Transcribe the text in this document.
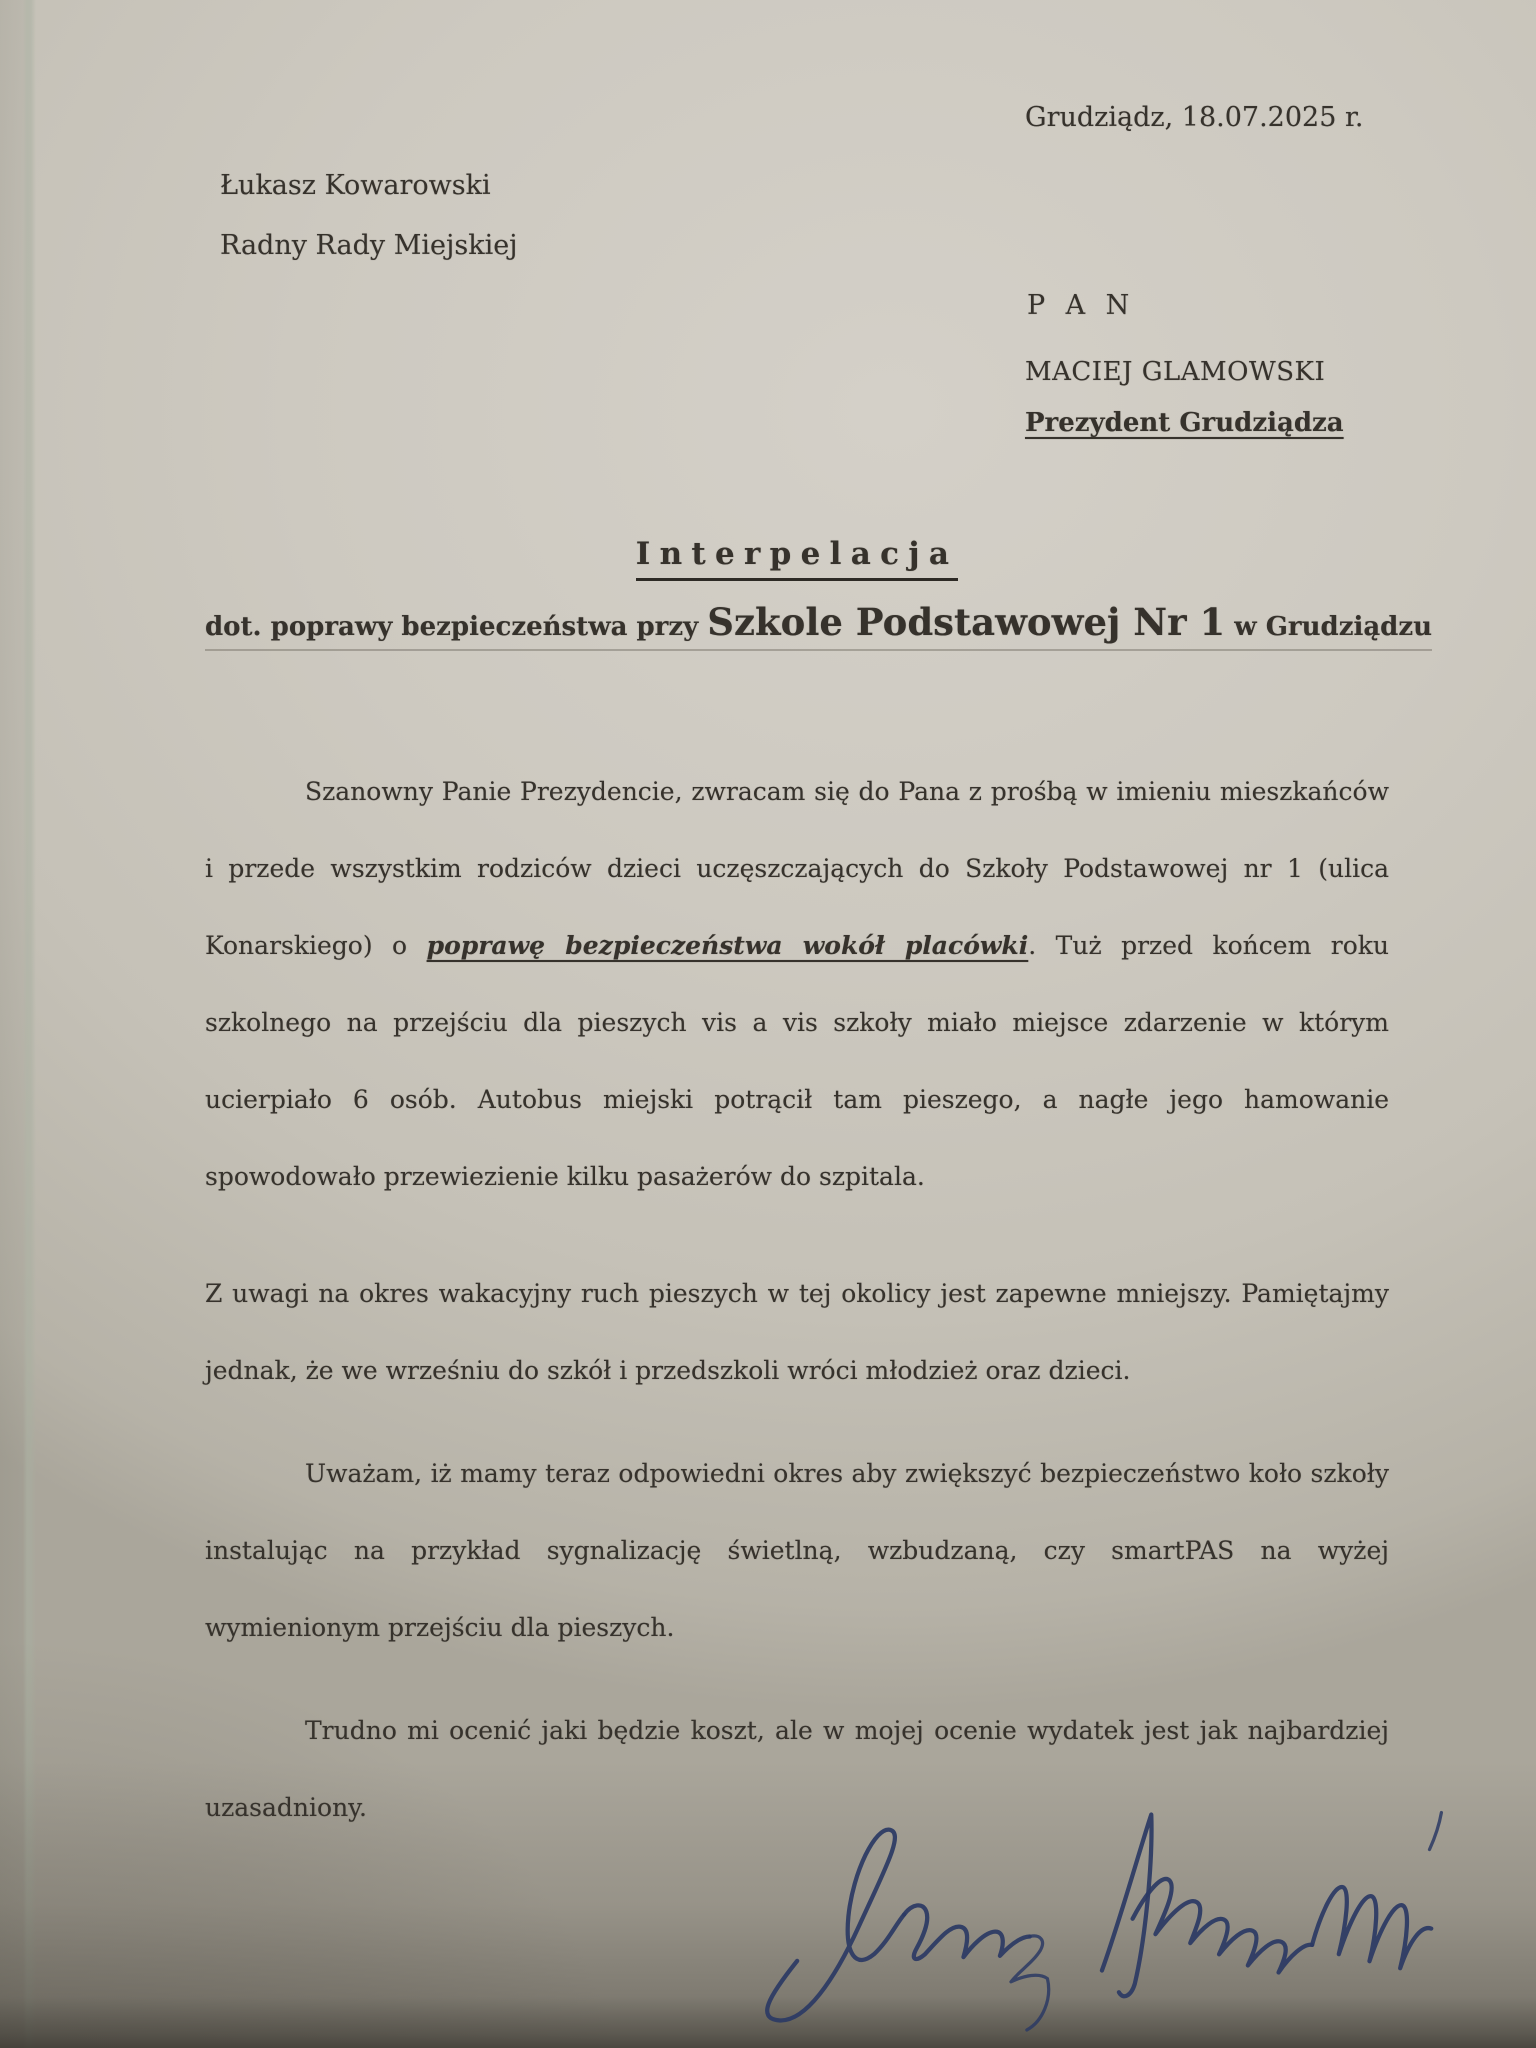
Grudziądz, 18.07.2025 r.
Łukasz Kowarowski
Radny Rady Miejskiej
P A N
MACIEJ GLAMOWSKI
Prezydent Grudziądza
Interpelacja
dot. poprawy bezpieczeństwa przy Szkole Podstawowej Nr 1 w Grudziądzu
Szanowny Panie Prezydencie, zwracam się do Pana z prośbą w imieniu mieszkańców
i przede wszystkim rodziców dzieci uczęszczających do Szkoły Podstawowej nr 1 (ulica
Konarskiego) o poprawę bezpieczeństwa wokół placówki. Tuż przed końcem roku
szkolnego na przejściu dla pieszych vis a vis szkoły miało miejsce zdarzenie w którym
ucierpiało 6 osób. Autobus miejski potrącił tam pieszego, a nagłe jego hamowanie
spowodowało przewiezienie kilku pasażerów do szpitala.
Z uwagi na okres wakacyjny ruch pieszych w tej okolicy jest zapewne mniejszy. Pamiętajmy
jednak, że we wrześniu do szkół i przedszkoli wróci młodzież oraz dzieci.
Uważam, iż mamy teraz odpowiedni okres aby zwiększyć bezpieczeństwo koło szkoły
instalując na przykład sygnalizację świetlną, wzbudzaną, czy smartPAS na wyżej
wymienionym przejściu dla pieszych.
Trudno mi ocenić jaki będzie koszt, ale w mojej ocenie wydatek jest jak najbardziej
uzasadniony.
